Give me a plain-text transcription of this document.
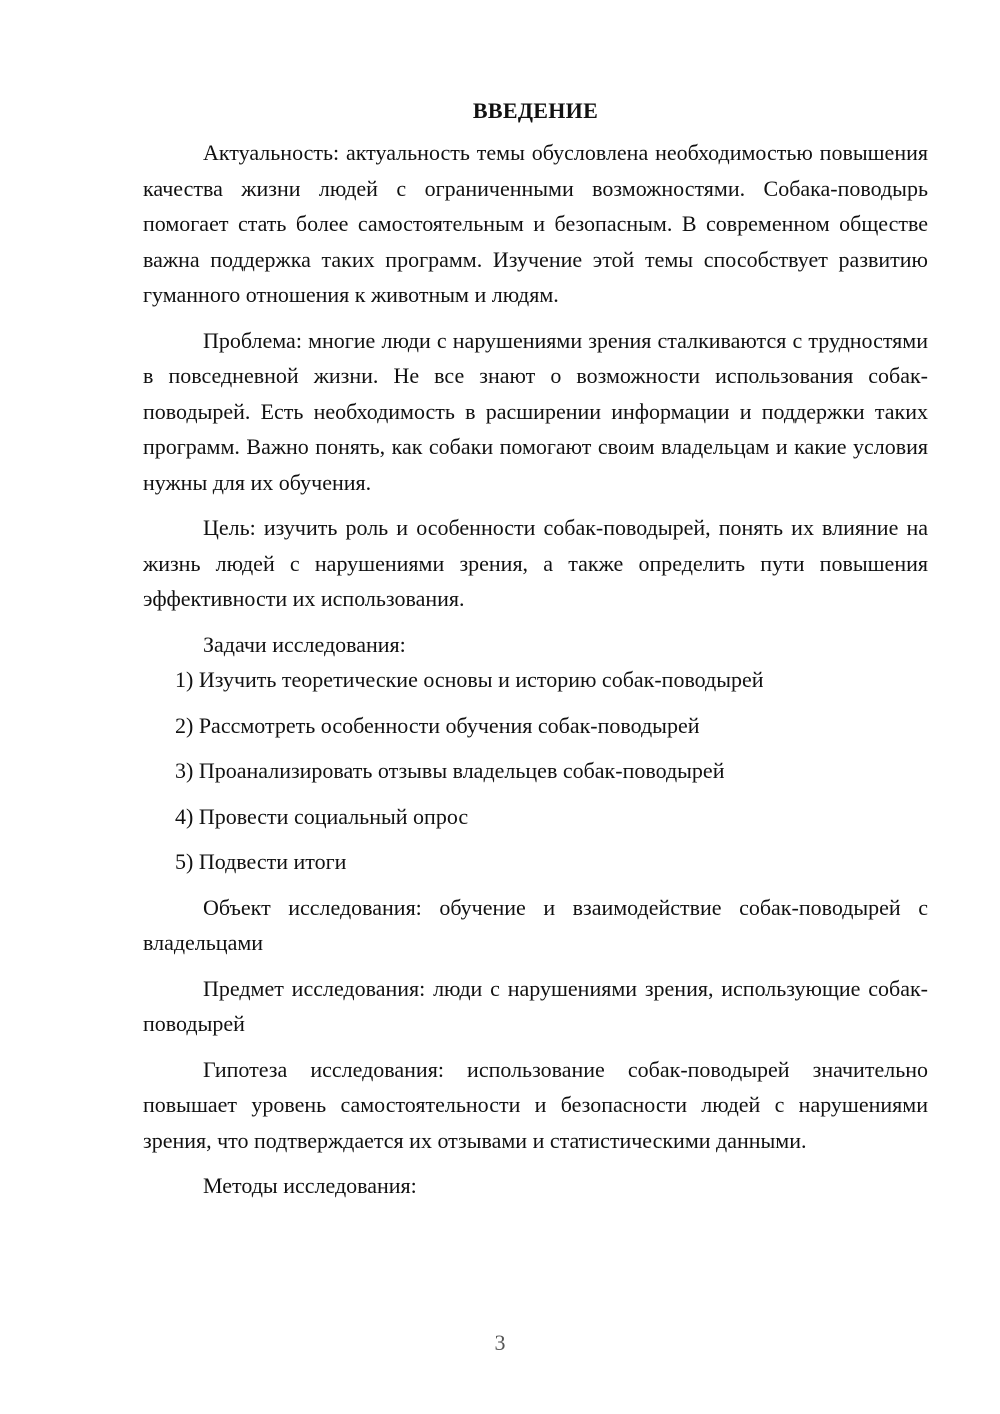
ВВЕДЕНИЕ

Актуальность: актуальность темы обусловлена необходимостью повышения качества жизни людей с ограниченными возможностями. Собака-поводырь помогает стать более самостоятельным и безопасным. В современном обществе важна поддержка таких программ. Изучение этой темы способствует развитию гуманного отношения к животным и людям.

Проблема: многие люди с нарушениями зрения сталкиваются с трудностями в повседневной жизни. Не все знают о возможности использования собак-поводырей. Есть необходимость в расширении информации и поддержки таких программ. Важно понять, как собаки помогают своим владельцам и какие условия нужны для их обучения.

Цель: изучить роль и особенности собак-поводырей, понять их влияние на жизнь людей с нарушениями зрения, а также определить пути повышения эффективности их использования.

Задачи исследования:

1) Изучить теоретические основы и историю собак-поводырей

2) Рассмотреть особенности обучения собак-поводырей

3) Проанализировать отзывы владельцев собак-поводырей

4) Провести социальный опрос

5) Подвести итоги

Объект исследования: обучение и взаимодействие собак-поводырей с владельцами

Предмет исследования: люди с нарушениями зрения, использующие собак-поводырей

Гипотеза исследования: использование собак-поводырей значительно повышает уровень самостоятельности и безопасности людей с нарушениями зрения, что подтверждается их отзывами и статистическими данными.

Методы исследования:

3
